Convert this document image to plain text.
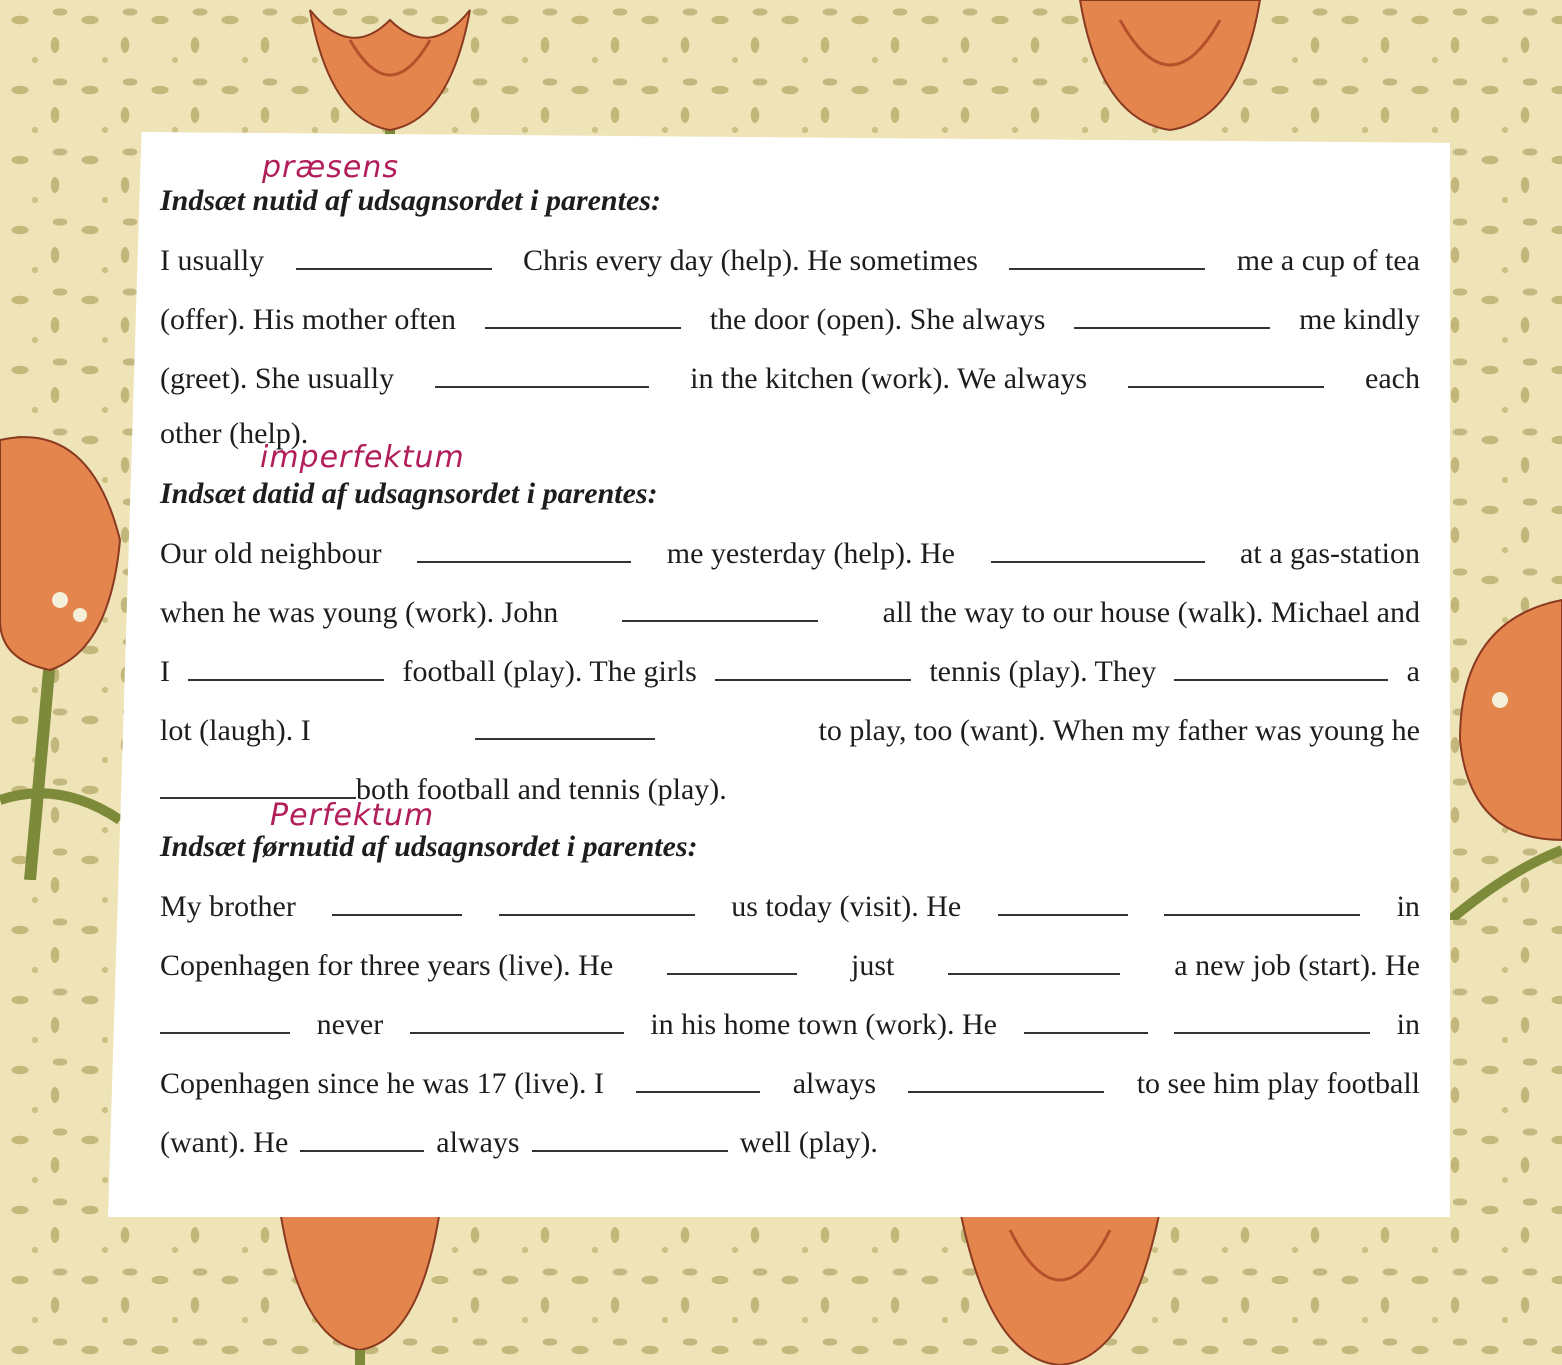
præsens
Indsæt nutid af udsagnsordet i parentes:
I usually	Chris every day (help). He sometimes	me a cup of tea
(offer). His mother often	the door (open). She always	me kindly
(greet). She usually	in the kitchen (work). We always	each
other (help).
imperfektum
Indsæt datid af udsagnsordet i parentes:
Our old neighbour	me yesterday (help). He	at a gas-station
when he was young (work). John	all the way to our house (walk). Michael and
I	football (play). The girls	tennis (play). They	a
lot (laugh). I	to play, too (want). When my father was young he
both football and tennis (play).
Perfektum
Indsæt førnutid af udsagnsordet i parentes:
My brother	us today (visit). He	in
Copenhagen for three years (live). He	just	a new job (start). He
never	in his home town (work). He	in
Copenhagen since he was 17 (live). I	always	to see him play football
(want). He	always	well (play).
